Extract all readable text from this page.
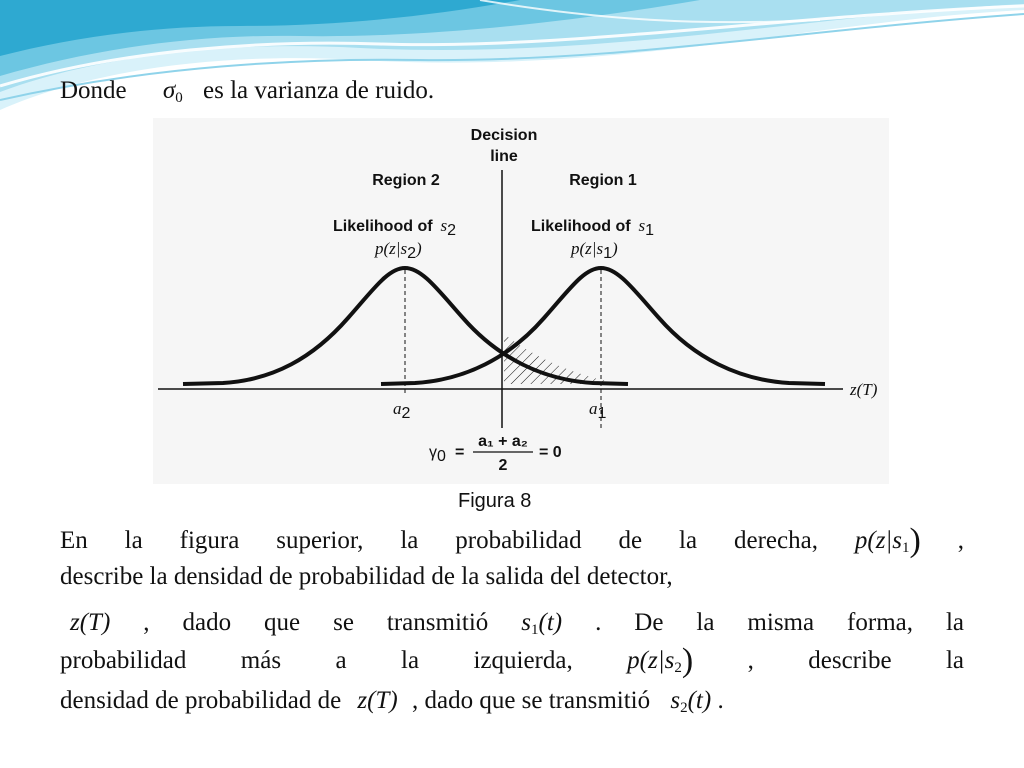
Donde $\sigma_0$ es la varianza de ruido.
Decision
line
Region 2	Region 1
Likelihood of s2	Likelihood of s1
p(z|s2)	p(z|s1)
z(T)
a2	a1
γ0 =
a₁ + a₂
2
= 0
Figura 8
En la figura superior, la probabilidad de la derecha, $p(z|s_1)$ ,
describe la densidad de probabilidad de la salida del detector,
z(T) , dado que se transmitió $s_1(t)$ . De la misma forma, la
probabilidad más a la izquierda, $p(z|s_2)$ , describe la
densidad de probabilidad de z(T) , dado que se transmitió $s_2(t)$ .
